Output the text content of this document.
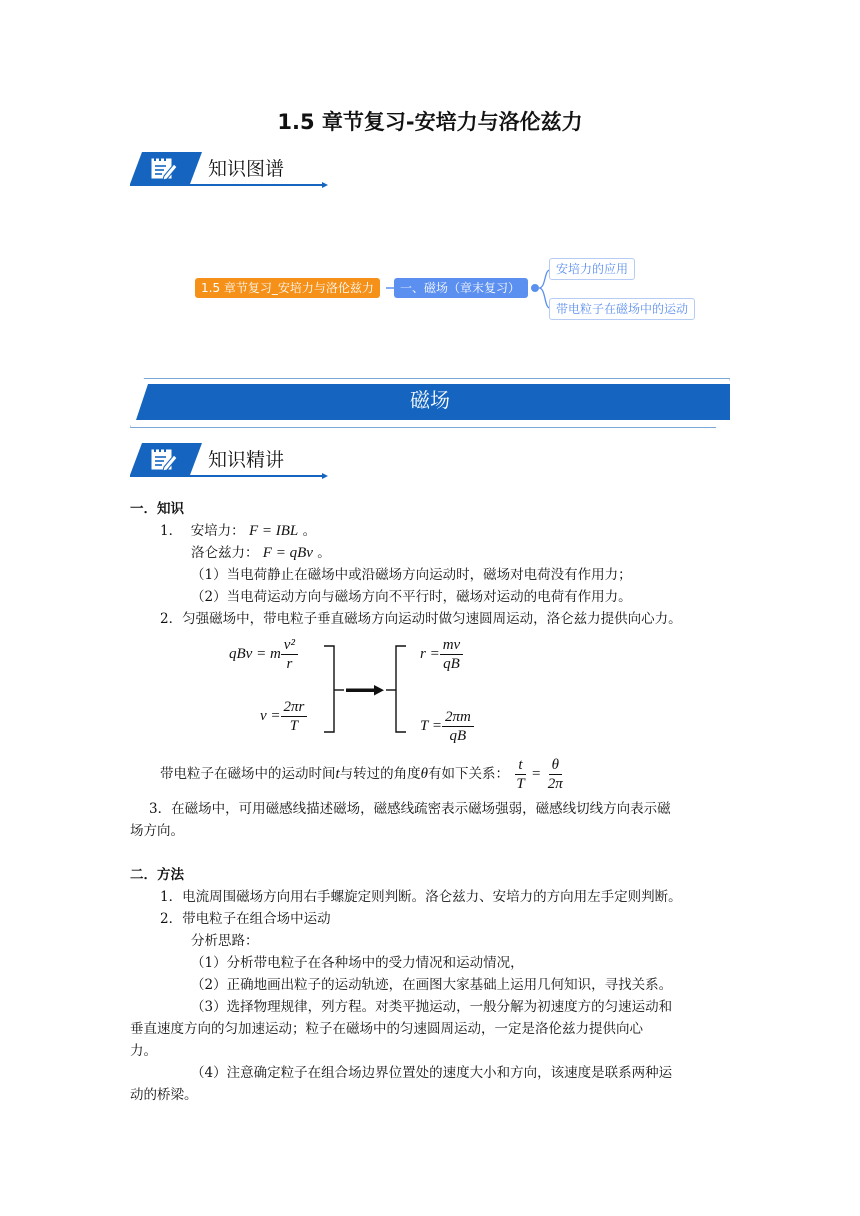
1.5 章节复习-安培力与洛伦兹力
知识图谱
1.5 章节复习_安培力与洛伦兹力	一、磁场（章末复习）
安培力的应用
带电粒子在磁场中的运动
磁场
知识精讲
一．知识
1． 安培力： F = IBL 。
洛仑兹力： F = qBv 。
（1）当电荷静止在磁场中或沿磁场方向运动时，磁场对电荷没有作用力；
（2）当电荷运动方向与磁场方向不平行时，磁场对运动的电荷有作用力。
2．匀强磁场中，带电粒子垂直磁场方向运动时做匀速圆周运动，洛仑兹力提供向心力。
qBv = m $\frac{\text{v²}}{r}$
$v = \frac{2\pi r}{T}$
$r = \frac{mv}{qB}$
$T = \frac{2\pi m}{qB}$
带电粒子在磁场中的运动时间t与转过的角度θ有如下关系： $\frac{t}{T} = \frac{\theta}{2\pi}$
3．在磁场中，可用磁感线描述磁场，磁感线疏密表示磁场强弱，磁感线切线方向表示磁
场方向。
二．方法
1．电流周围磁场方向用右手螺旋定则判断。洛仑兹力、安培力的方向用左手定则判断。
2．带电粒子在组合场中运动
分析思路：
（1）分析带电粒子在各种场中的受力情况和运动情况，
（2）正确地画出粒子的运动轨迹，在画图大家基础上运用几何知识，寻找关系。
（3）选择物理规律，列方程。对类平抛运动，一般分解为初速度方的匀速运动和
垂直速度方向的匀加速运动；粒子在磁场中的匀速圆周运动，一定是洛伦兹力提供向心
力。
（4）注意确定粒子在组合场边界位置处的速度大小和方向，该速度是联系两种运
动的桥梁。
